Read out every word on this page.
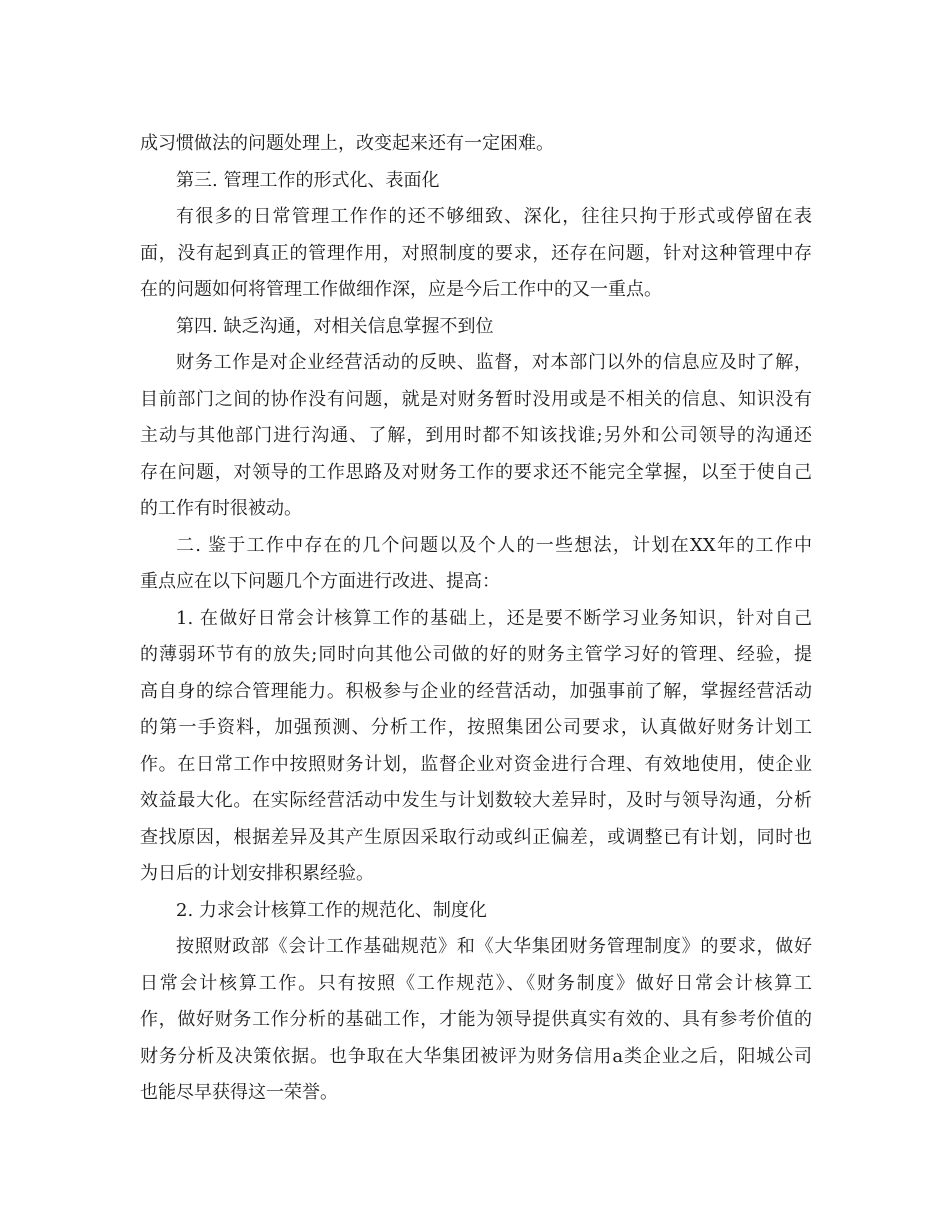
成习惯做法的问题处理上，改变起来还有一定困难。
第三. 管理工作的形式化、表面化
有很多的日常管理工作作的还不够细致、深化，往往只拘于形式或停留在表
面，没有起到真正的管理作用，对照制度的要求，还存在问题，针对这种管理中存
在的问题如何将管理工作做细作深，应是今后工作中的又一重点。
第四. 缺乏沟通，对相关信息掌握不到位
财务工作是对企业经营活动的反映、监督，对本部门以外的信息应及时了解，
目前部门之间的协作没有问题，就是对财务暂时没用或是不相关的信息、知识没有
主动与其他部门进行沟通、了解，到用时都不知该找谁;另外和公司领导的沟通还
存在问题，对领导的工作思路及对财务工作的要求还不能完全掌握，以至于使自己
的工作有时很被动。
二. 鉴于工作中存在的几个问题以及个人的一些想法，计划在XX年的工作中
重点应在以下问题几个方面进行改进、提高：
1. 在做好日常会计核算工作的基础上，还是要不断学习业务知识，针对自己
的薄弱环节有的放失;同时向其他公司做的好的财务主管学习好的管理、经验，提
高自身的综合管理能力。积极参与企业的经营活动，加强事前了解，掌握经营活动
的第一手资料，加强预测、分析工作，按照集团公司要求，认真做好财务计划工
作。在日常工作中按照财务计划，监督企业对资金进行合理、有效地使用，使企业
效益最大化。在实际经营活动中发生与计划数较大差异时，及时与领导沟通，分析
查找原因，根据差异及其产生原因采取行动或纠正偏差，或调整已有计划，同时也
为日后的计划安排积累经验。
2. 力求会计核算工作的规范化、制度化
按照财政部《会计工作基础规范》和《大华集团财务管理制度》的要求，做好
日常会计核算工作。只有按照《工作规范》、《财务制度》做好日常会计核算工
作，做好财务工作分析的基础工作，才能为领导提供真实有效的、具有参考价值的
财务分析及决策依据。也争取在大华集团被评为财务信用a类企业之后，阳城公司
也能尽早获得这一荣誉。
